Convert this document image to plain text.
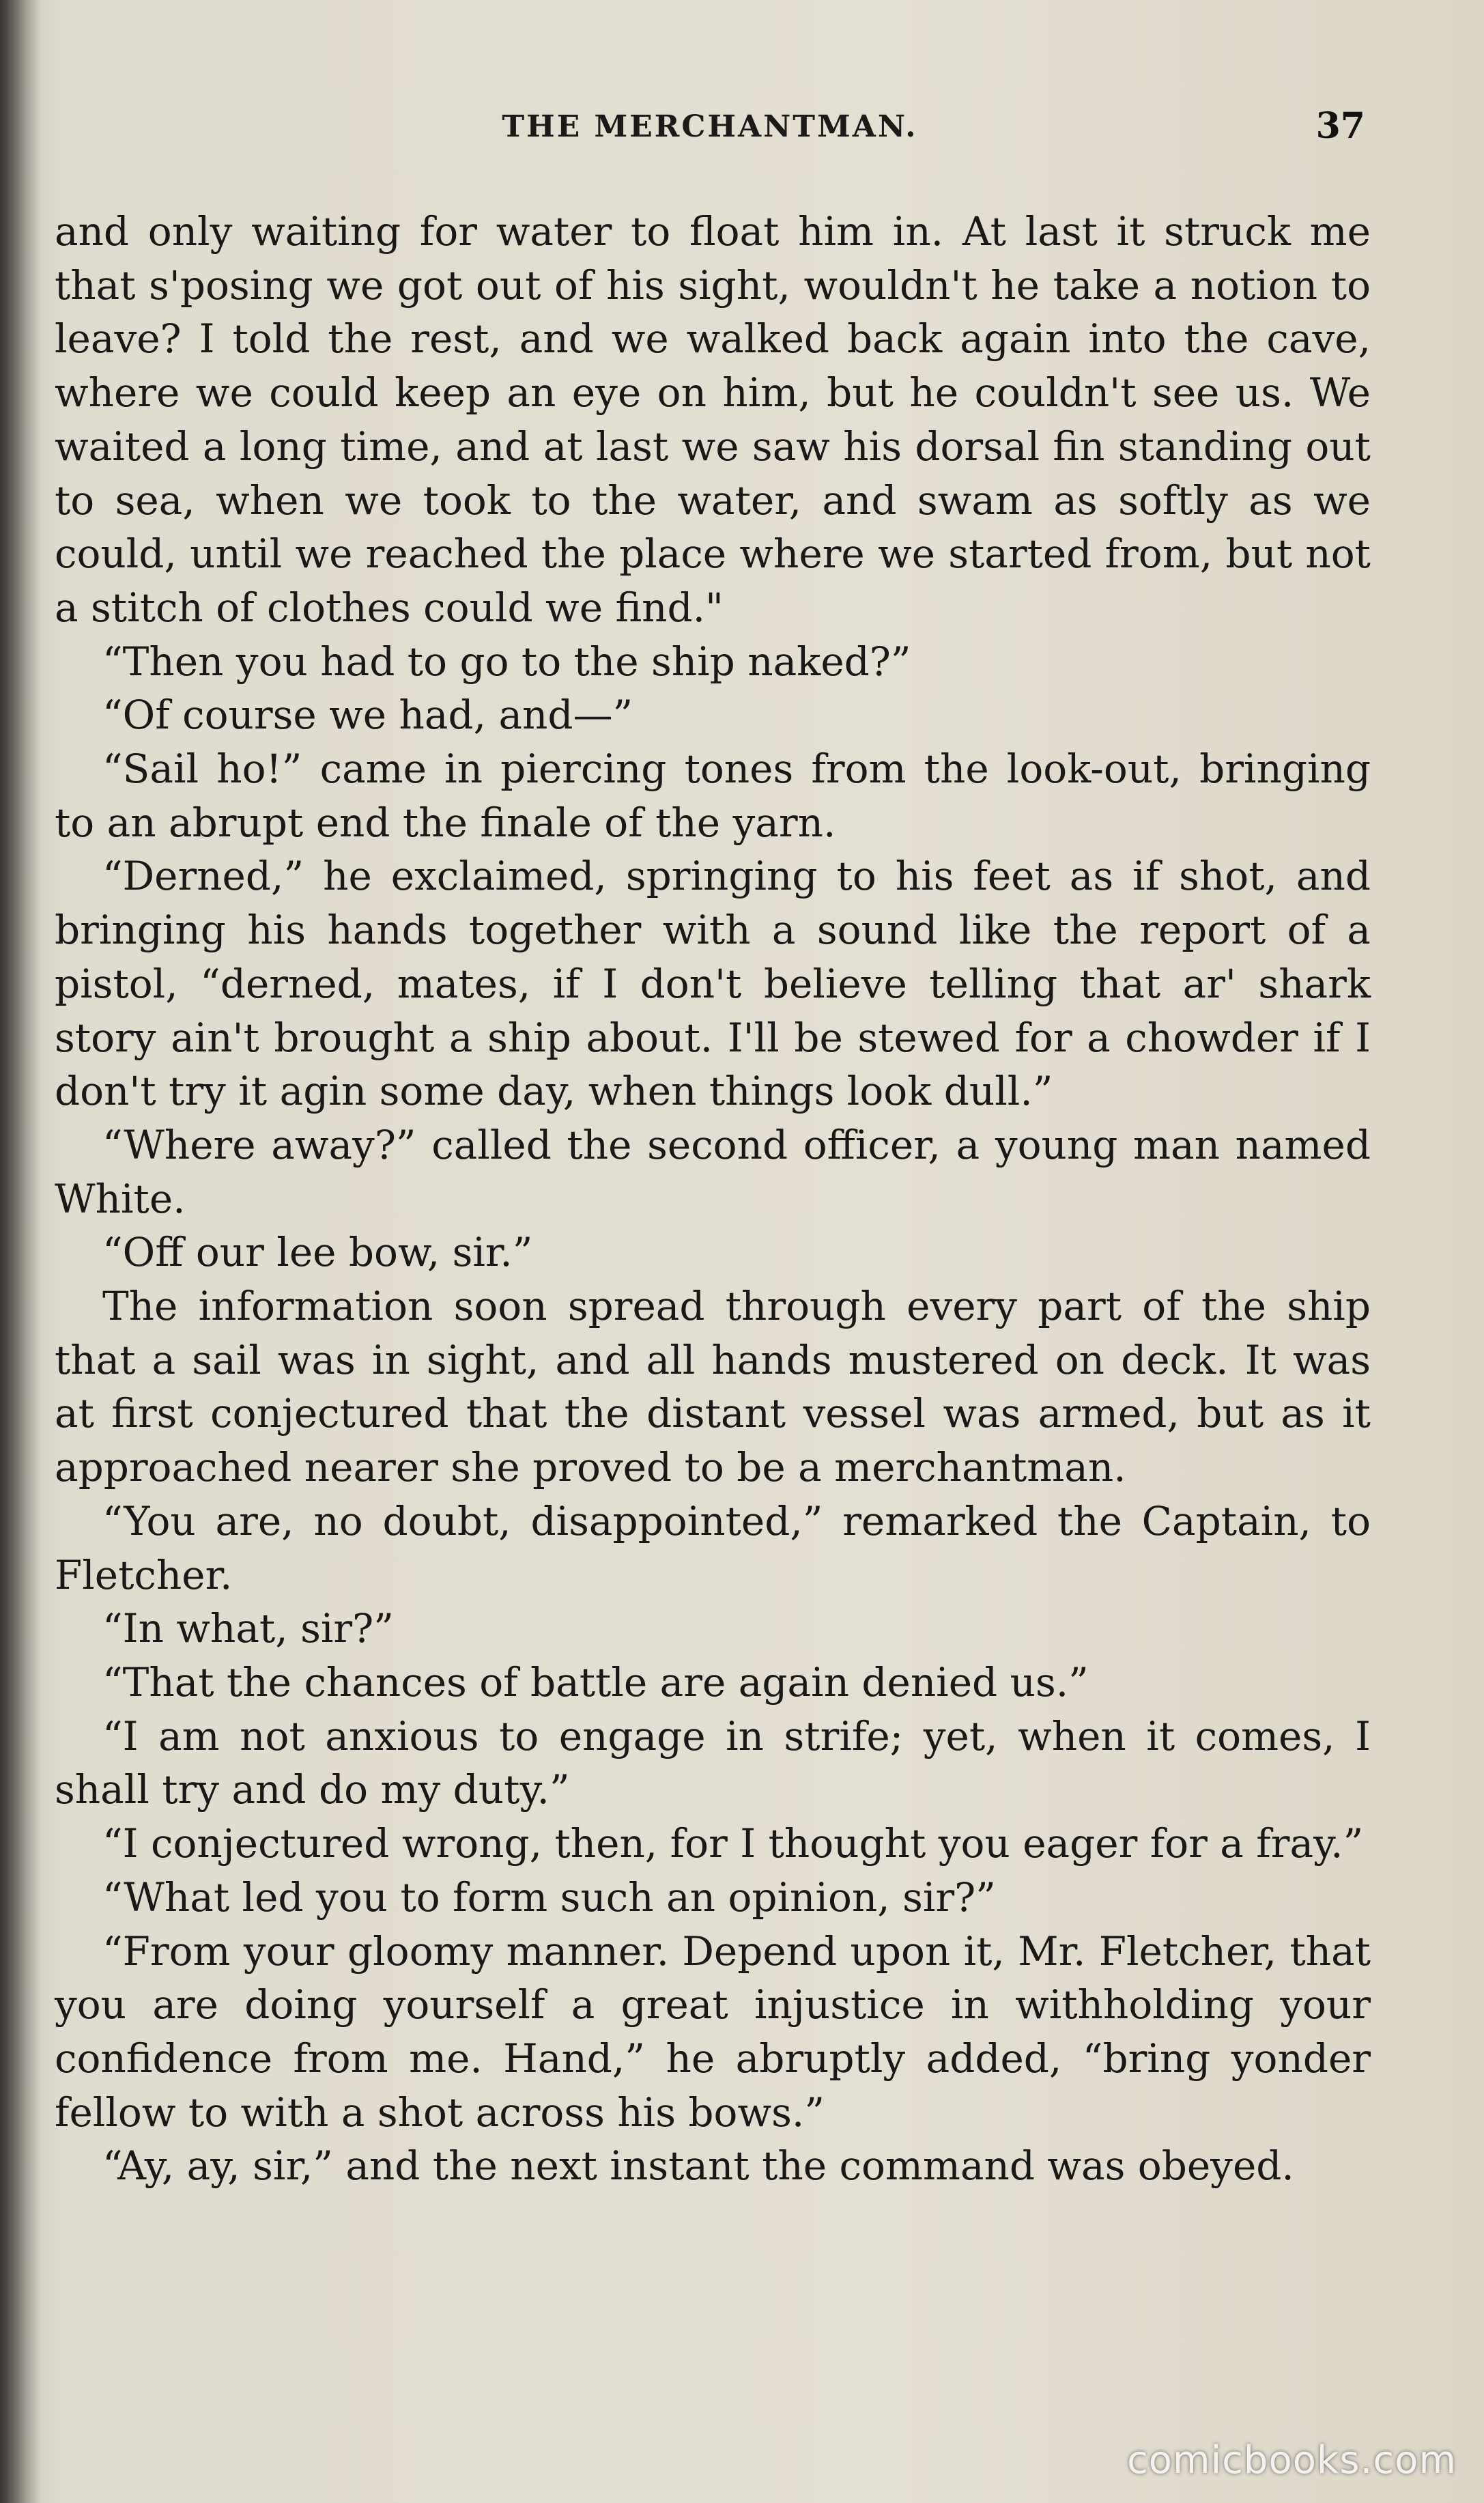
THE MERCHANTMAN.	37

and only waiting for water to float him in. At last it struck me that s'posing we got out of his sight, wouldn't he take a notion to leave? I told the rest, and we walked back again into the cave, where we could keep an eye on him, but he couldn't see us. We waited a long time, and at last we saw his dorsal fin standing out to sea, when we took to the water, and swam as softly as we could, until we reached the place where we started from, but not a stitch of clothes could we find."

“Then you had to go to the ship naked?”

“Of course we had, and—”

“Sail ho!” came in piercing tones from the look-out, bringing to an abrupt end the finale of the yarn.

“Derned,” he exclaimed, springing to his feet as if shot, and bringing his hands together with a sound like the report of a pistol, “derned, mates, if I don't believe telling that ar' shark story ain't brought a ship about. I'll be stewed for a chowder if I don't try it agin some day, when things look dull.”

“Where away?” called the second officer, a young man named White.

“Off our lee bow, sir.”

The information soon spread through every part of the ship that a sail was in sight, and all hands mustered on deck. It was at first conjectured that the distant vessel was armed, but as it approached nearer she proved to be a merchantman.

“You are, no doubt, disappointed,” remarked the Captain, to Fletcher.

“In what, sir?”

“That the chances of battle are again denied us.”

“I am not anxious to engage in strife; yet, when it comes, I shall try and do my duty.”

“I conjectured wrong, then, for I thought you eager for a fray.”

“What led you to form such an opinion, sir?”

“From your gloomy manner. Depend upon it, Mr. Fletcher, that you are doing yourself a great injustice in withholding your confidence from me. Hand,” he abruptly added, “bring yonder fellow to with a shot across his bows.”

“Ay, ay, sir,” and the next instant the command was obeyed.

comicbooks.com
